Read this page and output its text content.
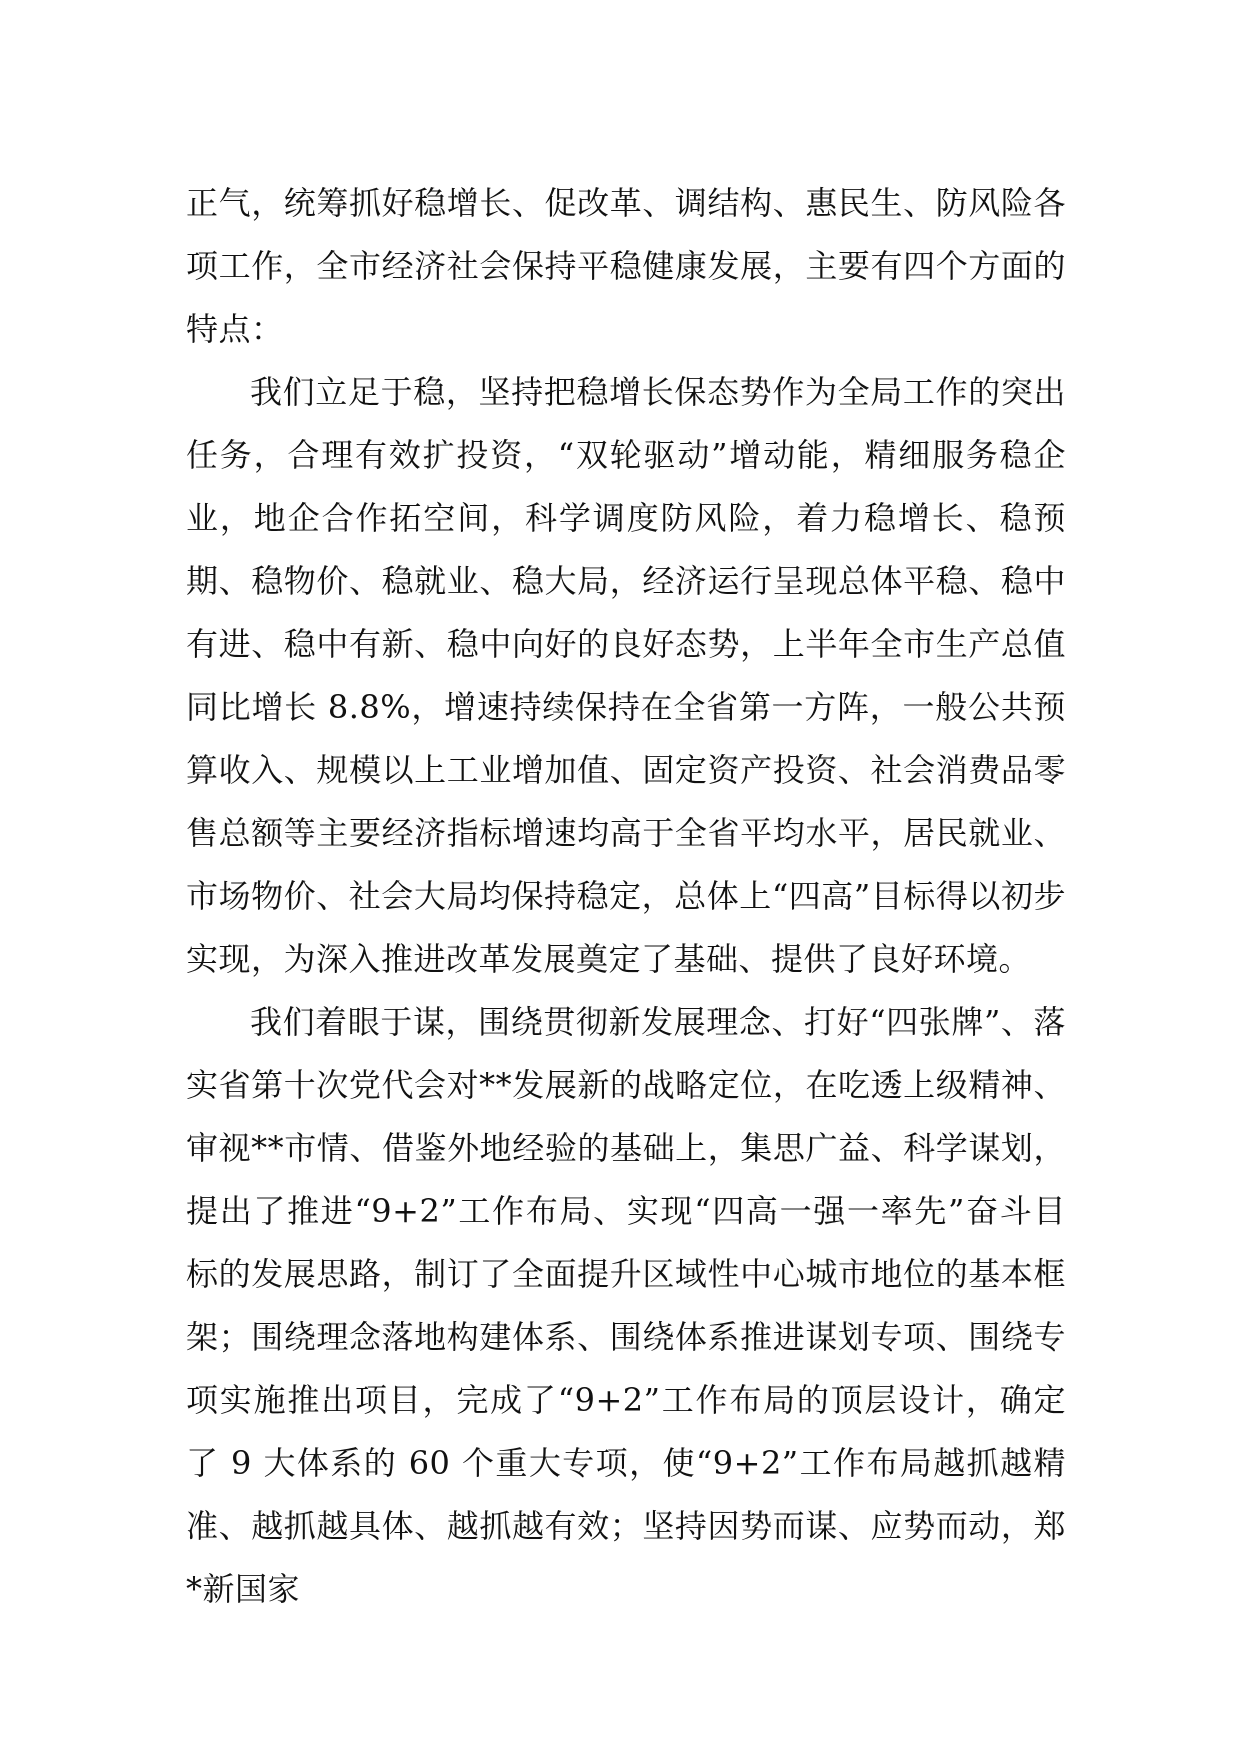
正气，统筹抓好稳增长、促改革、调结构、惠民生、防风险各项工作，全市经济社会保持平稳健康发展，主要有四个方面的特点：

我们立足于稳，坚持把稳增长保态势作为全局工作的突出任务，合理有效扩投资，“双轮驱动”增动能，精细服务稳企业，地企合作拓空间，科学调度防风险，着力稳增长、稳预期、稳物价、稳就业、稳大局，经济运行呈现总体平稳、稳中有进、稳中有新、稳中向好的良好态势，上半年全市生产总值同比增长 8.8%，增速持续保持在全省第一方阵，一般公共预算收入、规模以上工业增加值、固定资产投资、社会消费品零售总额等主要经济指标增速均高于全省平均水平，居民就业、市场物价、社会大局均保持稳定，总体上“四高”目标得以初步实现，为深入推进改革发展奠定了基础、提供了良好环境。

我们着眼于谋，围绕贯彻新发展理念、打好“四张牌”、落实省第十次党代会对**发展新的战略定位，在吃透上级精神、审视**市情、借鉴外地经验的基础上，集思广益、科学谋划，提出了推进“9+2”工作布局、实现“四高一强一率先”奋斗目标的发展思路，制订了全面提升区域性中心城市地位的基本框架；围绕理念落地构建体系、围绕体系推进谋划专项、围绕专项实施推出项目，完成了“9+2”工作布局的顶层设计，确定了 9 大体系的 60 个重大专项，使“9+2”工作布局越抓越精准、越抓越具体、越抓越有效；坚持因势而谋、应势而动，郑*新国家
